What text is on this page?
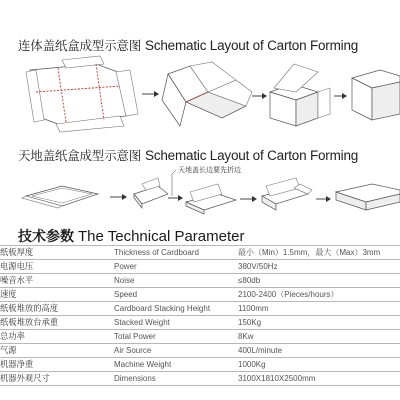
连体盖纸盒成型示意图 Schematic Layout of Carton Forming
天地盖纸盒成型示意图 Schematic Layout of Carton Forming
天地盖长边要先折边
技术参数 The Technical Parameter
纸板厚度	Thickness of Cardboard	最小（Min）1.5mm，最大（Max）3mm
电源电压	Power	380V/50Hz
噪音水平	Noise	≤80db
速度	Speed	2100-2400（Pieces/hours）
纸板堆放的高度	Cardboard Stacking Height	1100mm
纸板堆放台承重	Stacked Weight	150Kg
总功率	Total Power	8Kw
气源	Air Source	400L/minute
机器净重	Machine Weight	1000Kg
机器外观尺寸	Dimensions	3100X1810X2500mm
